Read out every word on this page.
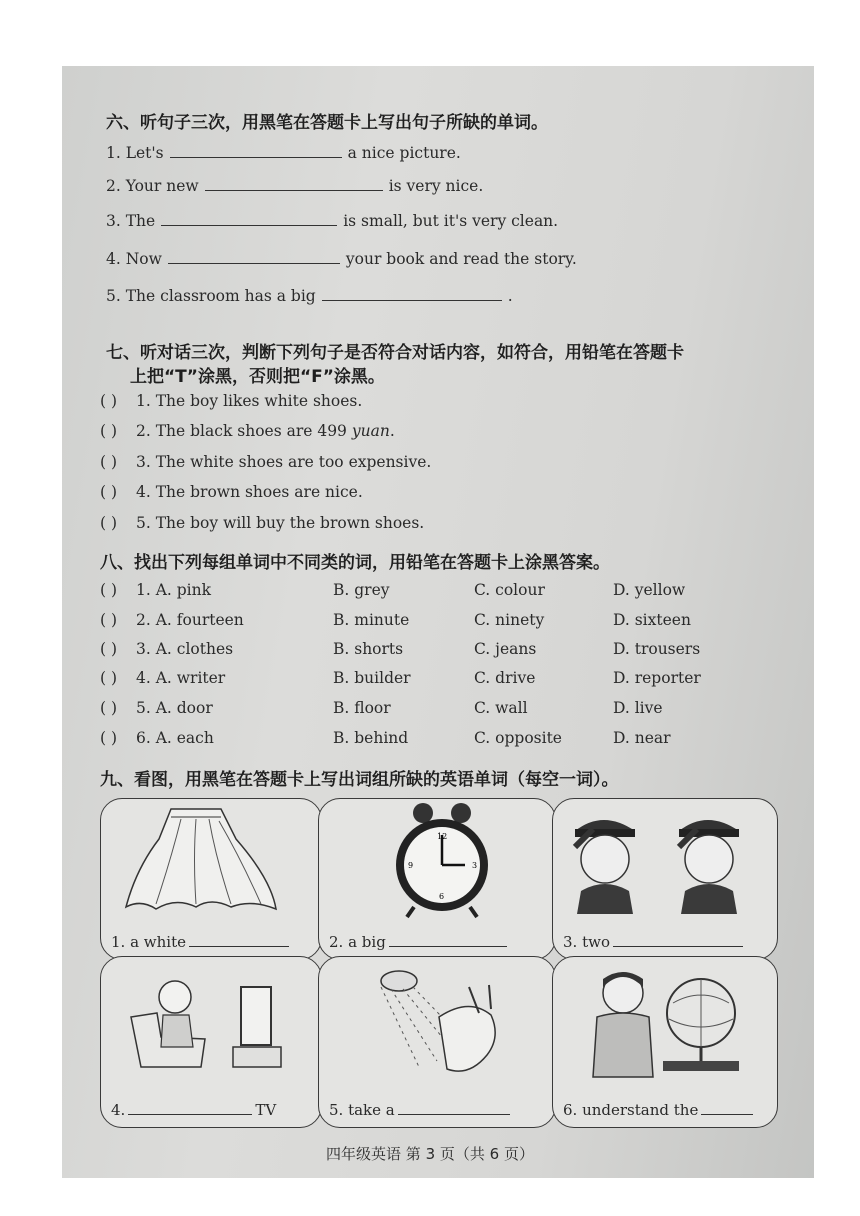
六、听句子三次，用黑笔在答题卡上写出句子所缺的单词。
1. Let's	a nice picture.
2. Your new	is very nice.
3. The	is small, but it's very clean.
4. Now	your book and read the story.
5. The classroom has a big	.
七、听对话三次，判断下列句子是否符合对话内容，如符合，用铅笔在答题卡
上把“T”涂黑，否则把“F”涂黑。
( ) 1. The boy likes white shoes.
( ) 2. The black shoes are 499 yuan.
( ) 3. The white shoes are too expensive.
( ) 4. The brown shoes are nice.
( ) 5. The boy will buy the brown shoes.
八、找出下列每组单词中不同类的词，用铅笔在答题卡上涂黑答案。
( ) 1. A. pink	B. grey	C. colour	D. yellow
( ) 2. A. fourteen	B. minute	C. ninety	D. sixteen
( ) 3. A. clothes	B. shorts	C. jeans	D. trousers
( ) 4. A. writer	B. builder	C. drive	D. reporter
( ) 5. A. door	B. floor	C. wall	D. live
( ) 6. A. each	B. behind	C. opposite	D. near
九、看图，用黑笔在答题卡上写出词组所缺的英语单词（每空一词）。
1. a white
12
3
6
9
2. a big	3. two
4.	TV	5. take a	6. understand the
四年级英语 第 3 页（共 6 页）
